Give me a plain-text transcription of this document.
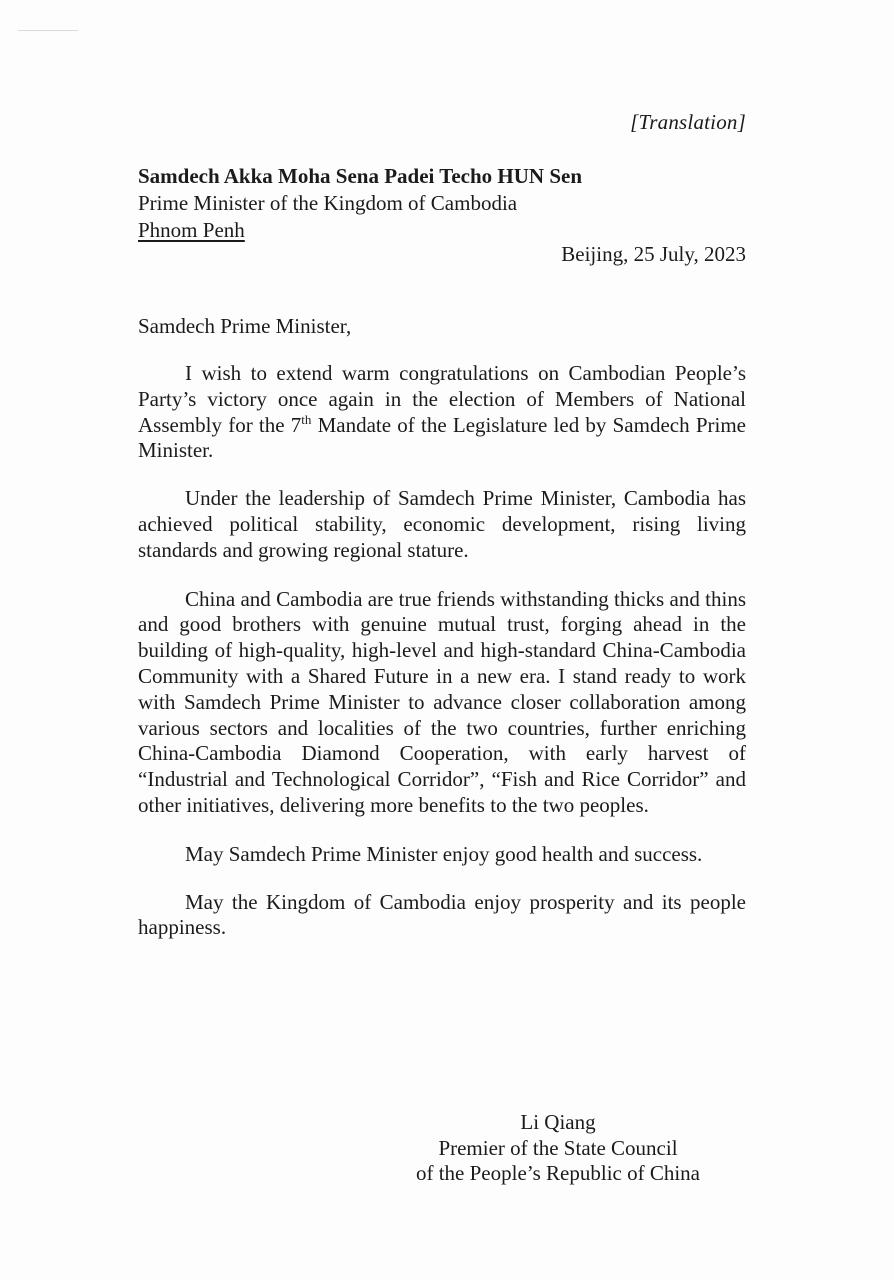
[Translation]
Samdech Akka Moha Sena Padei Techo HUN Sen
Prime Minister of the Kingdom of Cambodia
Phnom Penh
Beijing, 25 July, 2023
Samdech Prime Minister,

I wish to extend warm congratulations on Cambodian People’s Party’s victory once again in the election of Members of National Assembly for the 7th Mandate of the Legislature led by Samdech Prime Minister.

Under the leadership of Samdech Prime Minister, Cambodia has achieved political stability, economic development, rising living standards and growing regional stature.

China and Cambodia are true friends withstanding thicks and thins and good brothers with genuine mutual trust, forging ahead in the building of high-quality, high-level and high-standard China-Cambodia Community with a Shared Future in a new era. I stand ready to work with Samdech Prime Minister to advance closer collaboration among various sectors and localities of the two countries, further enriching China-Cambodia Diamond Cooperation, with early harvest of “Industrial and Technological Corridor”, “Fish and Rice Corridor” and other initiatives, delivering more benefits to the two peoples.

May Samdech Prime Minister enjoy good health and success.

May the Kingdom of Cambodia enjoy prosperity and its people happiness.

Li Qiang
Premier of the State Council
of the People’s Republic of China
